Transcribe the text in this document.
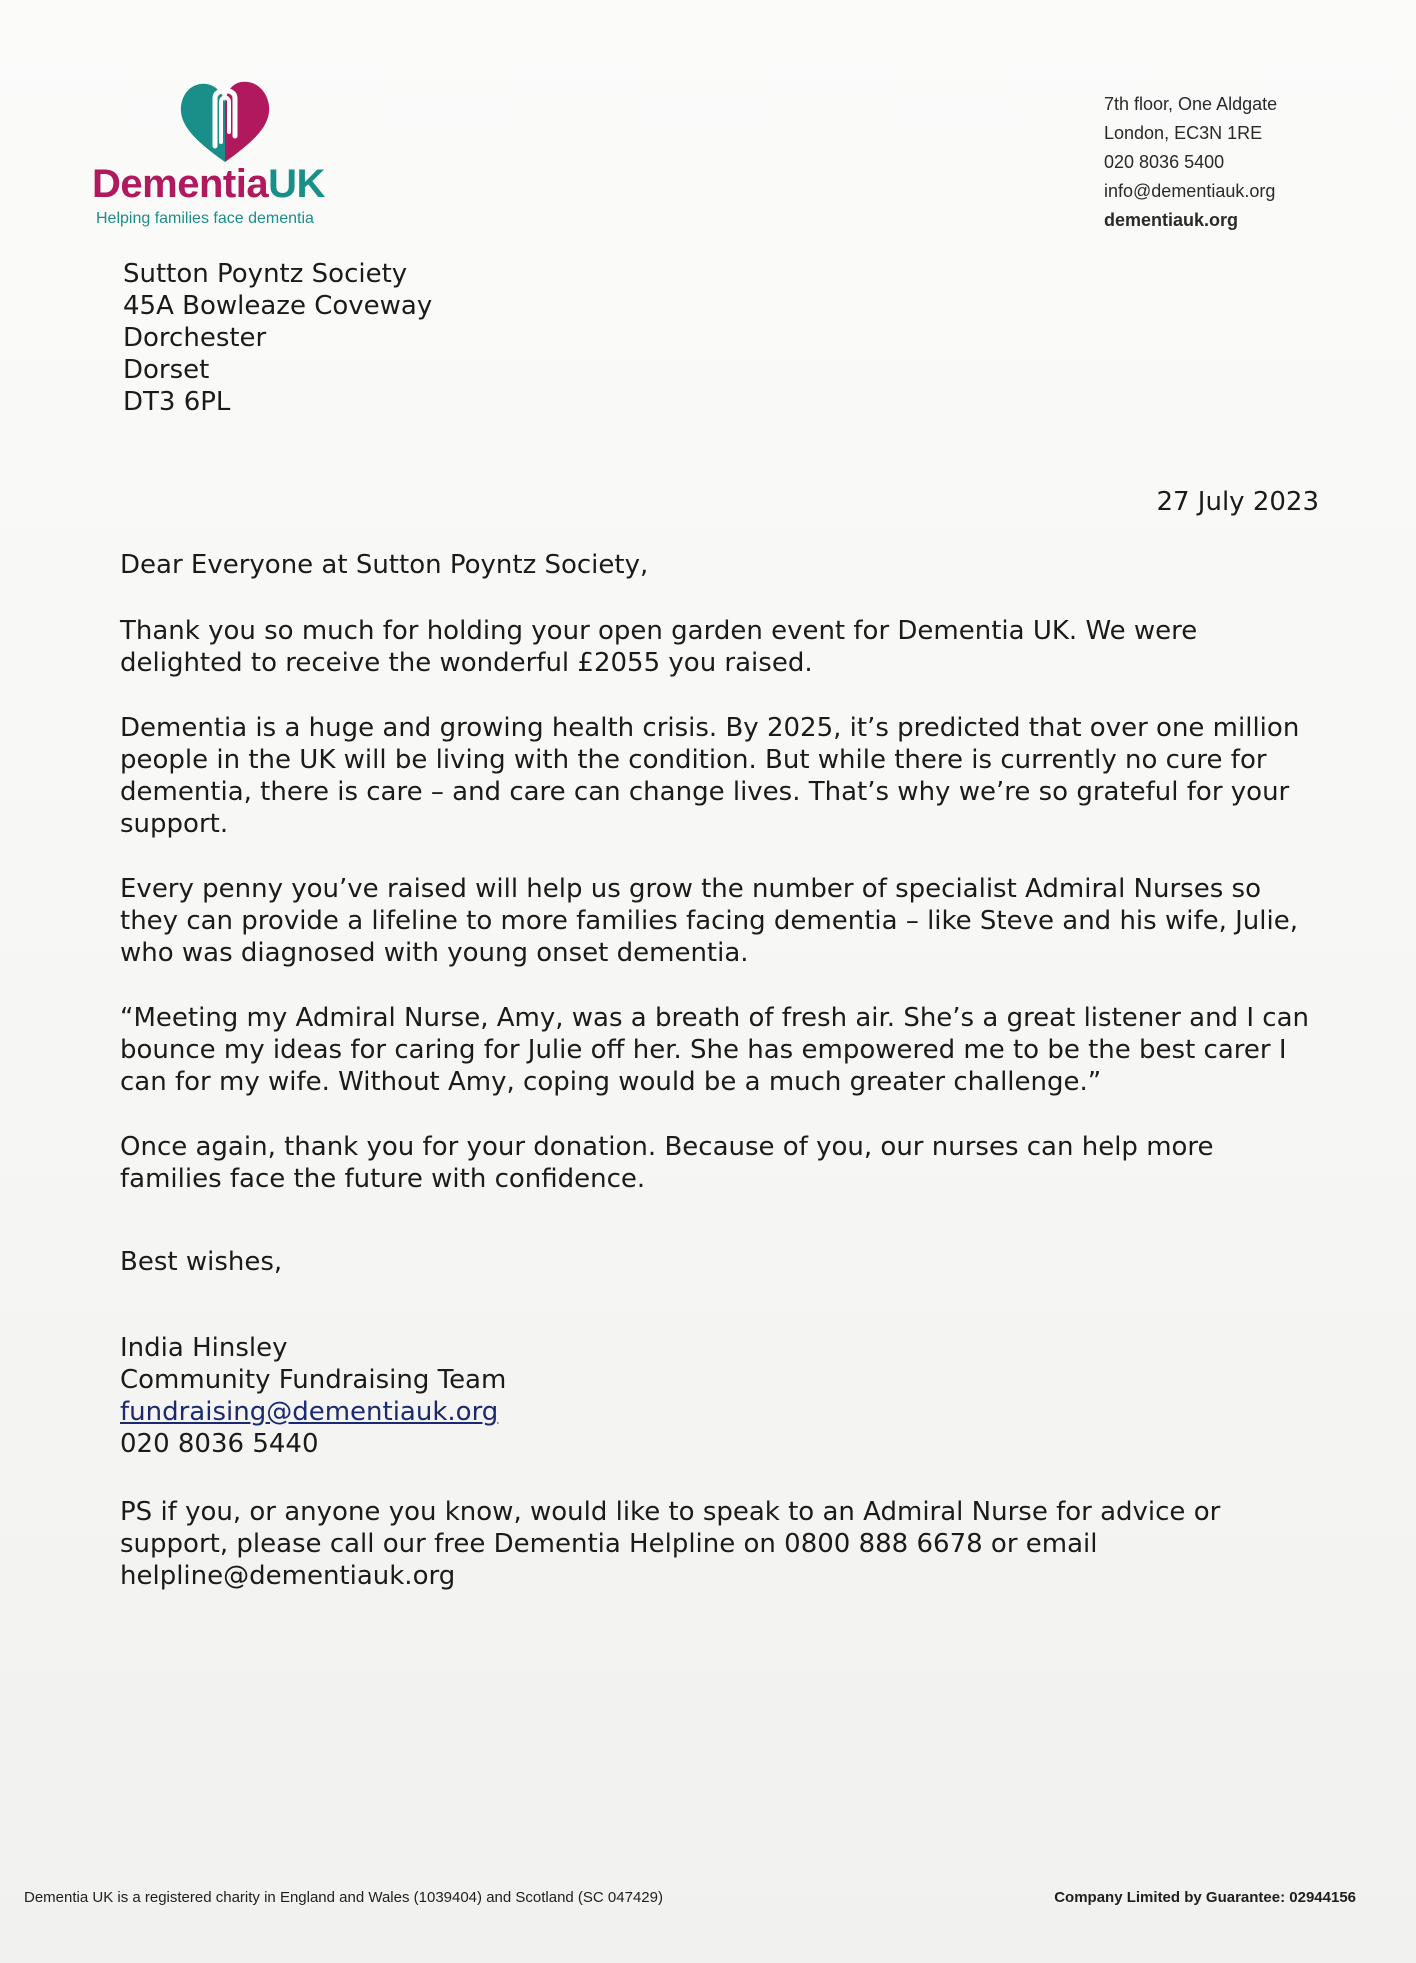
DementiaUK
Helping families face dementia
7th floor, One Aldgate
London, EC3N 1RE
020 8036 5400
info@dementiauk.org
dementiauk.org
Sutton Poyntz Society
45A Bowleaze Coveway
Dorchester
Dorset
DT3 6PL
27 July 2023

Dear Everyone at Sutton Poyntz Society,

Thank you so much for holding your open garden event for Dementia UK. We were delighted to receive the wonderful £2055 you raised.

Dementia is a huge and growing health crisis. By 2025, it’s predicted that over one million people in the UK will be living with the condition. But while there is currently no cure for dementia, there is care – and care can change lives. That’s why we’re so grateful for your support.

Every penny you’ve raised will help us grow the number of specialist Admiral Nurses so they can provide a lifeline to more families facing dementia – like Steve and his wife, Julie, who was diagnosed with young onset dementia.

“Meeting my Admiral Nurse, Amy, was a breath of fresh air. She’s a great listener and I can bounce my ideas for caring for Julie off her. She has empowered me to be the best carer I can for my wife. Without Amy, coping would be a much greater challenge.”

Once again, thank you for your donation. Because of you, our nurses can help more families face the future with confidence.

Best wishes,

India Hinsley
Community Fundraising Team
fundraising@dementiauk.org
020 8036 5440

PS if you, or anyone you know, would like to speak to an Admiral Nurse for advice or support, please call our free Dementia Helpline on 0800 888 6678 or email helpline@dementiauk.org

Dementia UK is a registered charity in England and Wales (1039404) and Scotland (SC 047429)	Company Limited by Guarantee: 02944156
